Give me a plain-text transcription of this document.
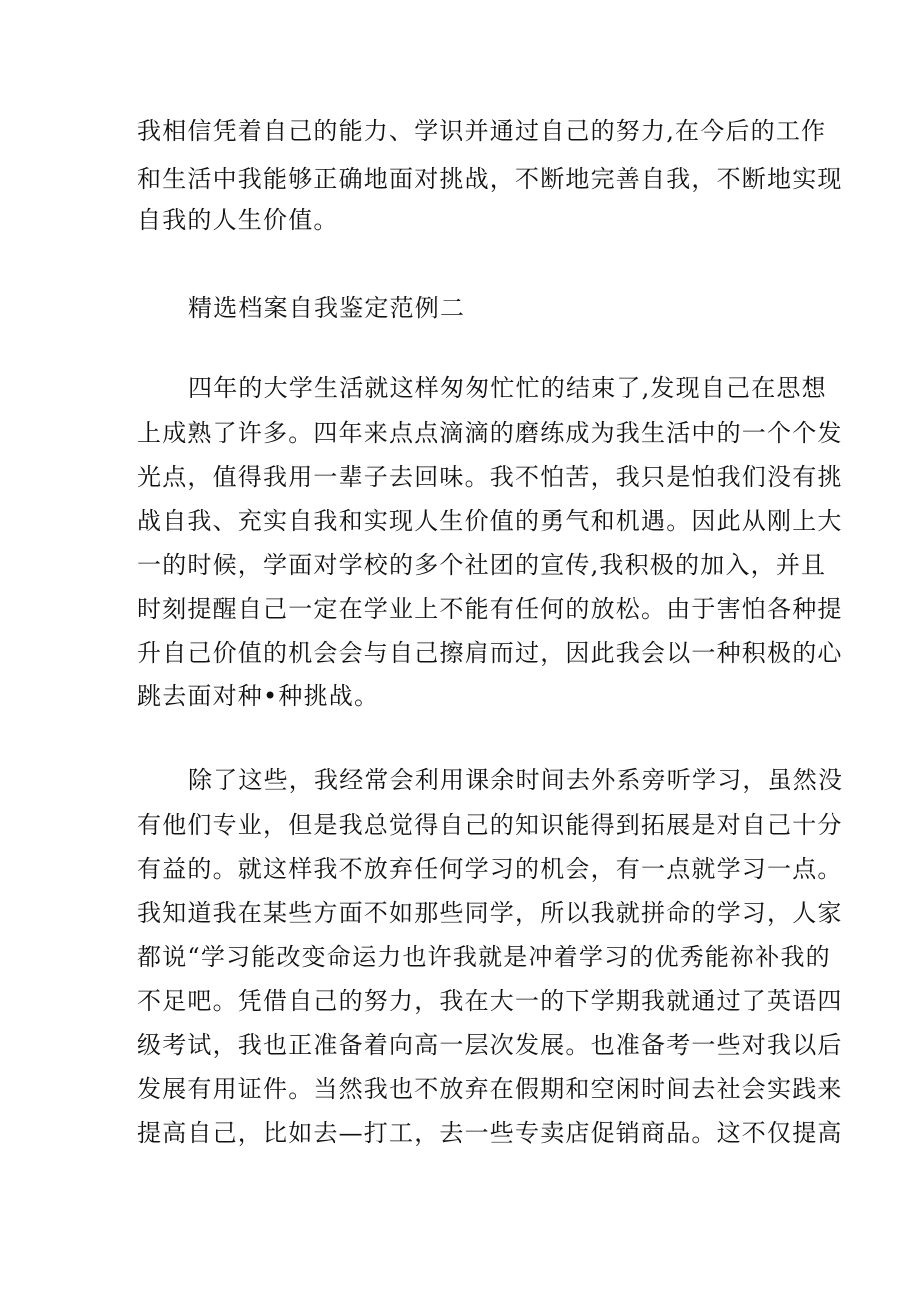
我相信凭着自己的能力、学识并通过自己的努力,在今后的工作
和生活中我能够正确地面对挑战，不断地完善自我，不断地实现
自我的人生价值。
精选档案自我鉴定范例二
四年的大学生活就这样匆匆忙忙的结束了,发现自己在思想
上成熟了许多。四年来点点滴滴的磨练成为我生活中的一个个发
光点，值得我用一辈子去回味。我不怕苦，我只是怕我们没有挑
战自我、充实自我和实现人生价值的勇气和机遇。因此从刚上大
一的时候，学面对学校的多个社团的宣传,我积极的加入，并且
时刻提醒自己一定在学业上不能有任何的放松。由于害怕各种提
升自己价值的机会会与自己擦肩而过，因此我会以一种积极的心
跳去面对种•种挑战。
除了这些，我经常会利用课余时间去外系旁听学习，虽然没
有他们专业，但是我总觉得自己的知识能得到拓展是对自己十分
有益的。就这样我不放弃任何学习的机会，有一点就学习一点。
我知道我在某些方面不如那些同学，所以我就拼命的学习，人家
都说“学习能改变命运力也许我就是冲着学习的优秀能祢补我的
不足吧。凭借自己的努力，我在大一的下学期我就通过了英语四
级考试，我也正准备着向高一层次发展。也准备考一些对我以后
发展有用证件。当然我也不放弃在假期和空闲时间去社会实践来
提高自己，比如去—打工，去一些专卖店促销商品。这不仅提高
